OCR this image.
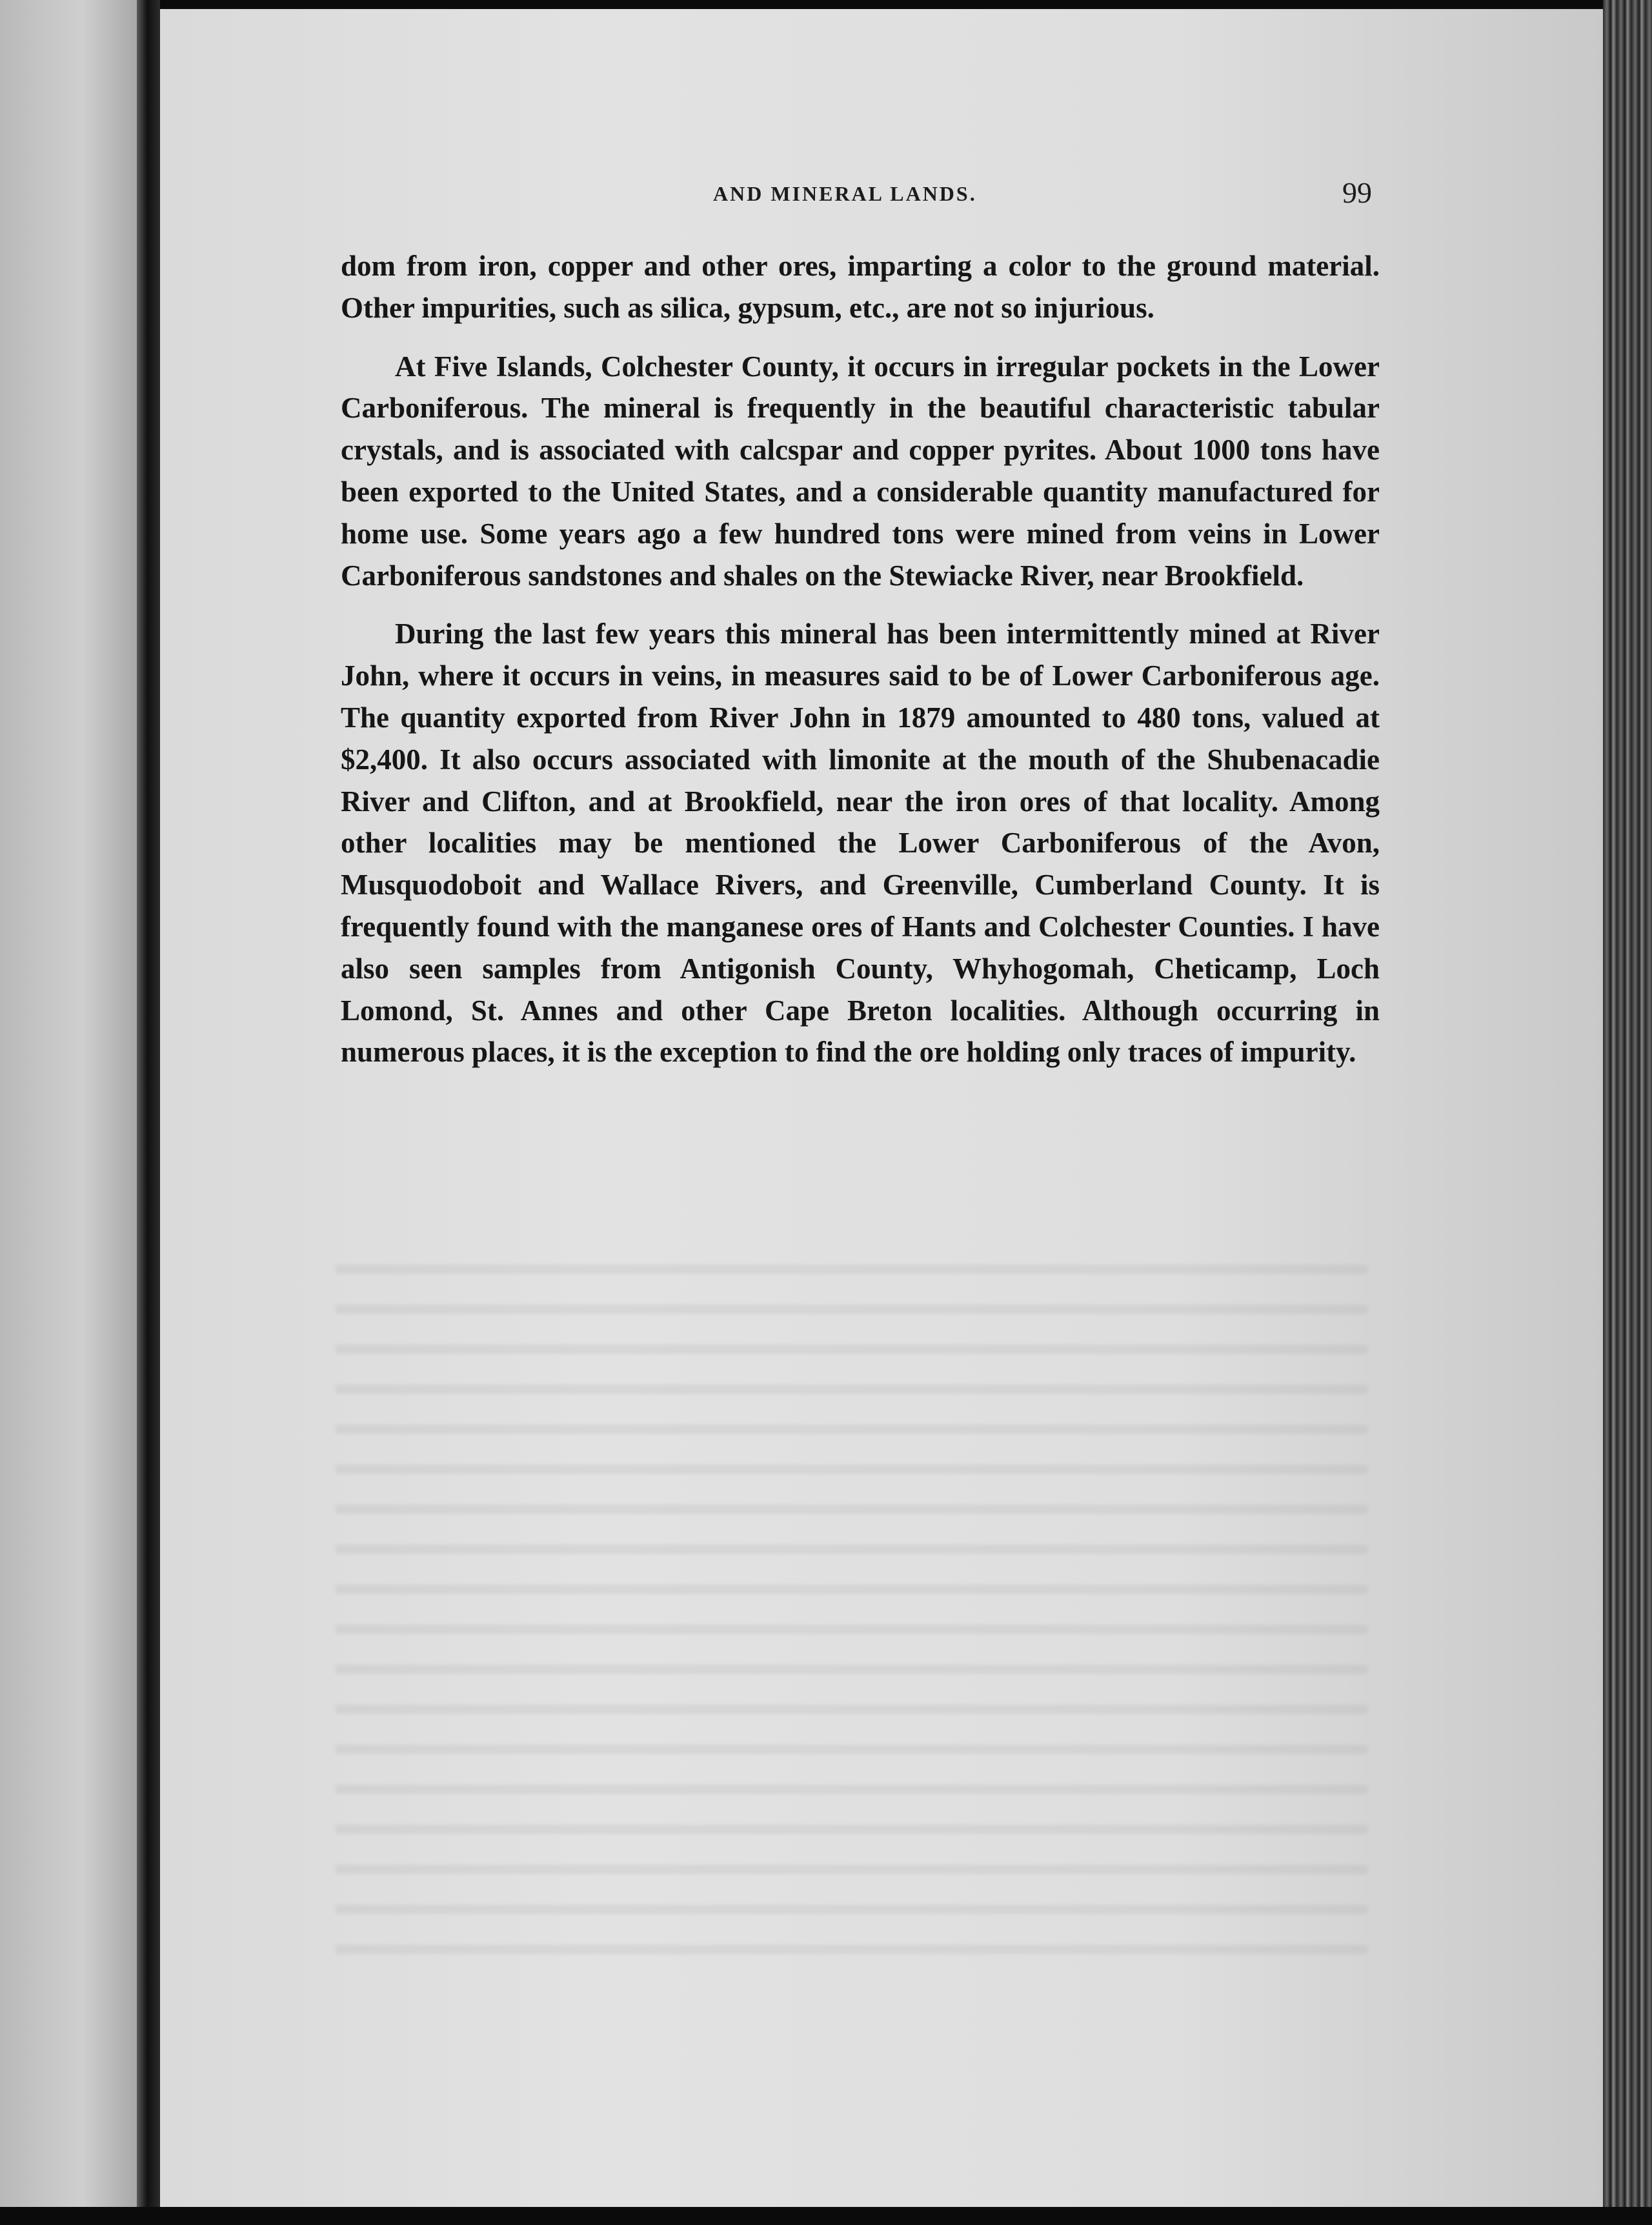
AND MINERAL LANDS.	99

dom from iron, copper and other ores, imparting a color to the ground material. Other impurities, such as silica, gypsum, etc., are not so injurious.

At Five Islands, Colchester County, it occurs in irregular pockets in the Lower Carboniferous. The mineral is frequently in the beautiful characteristic tabular crystals, and is associated with calcspar and copper pyrites. About 1000 tons have been exported to the United States, and a considerable quantity manufactured for home use. Some years ago a few hundred tons were mined from veins in Lower Carboniferous sandstones and shales on the Stewiacke River, near Brookfield.

During the last few years this mineral has been intermittently mined at River John, where it occurs in veins, in measures said to be of Lower Carboniferous age. The quantity exported from River John in 1879 amounted to 480 tons, valued at $2,400. It also occurs associated with limonite at the mouth of the Shubenacadie River and Clifton, and at Brookfield, near the iron ores of that locality. Among other localities may be mentioned the Lower Carboniferous of the Avon, Musquodoboit and Wallace Rivers, and Greenville, Cumberland County. It is frequently found with the manganese ores of Hants and Colchester Counties. I have also seen samples from Antigonish County, Whyhogomah, Cheticamp, Loch Lomond, St. Annes and other Cape Breton localities. Although occurring in numerous places, it is the exception to find the ore holding only traces of impurity.
